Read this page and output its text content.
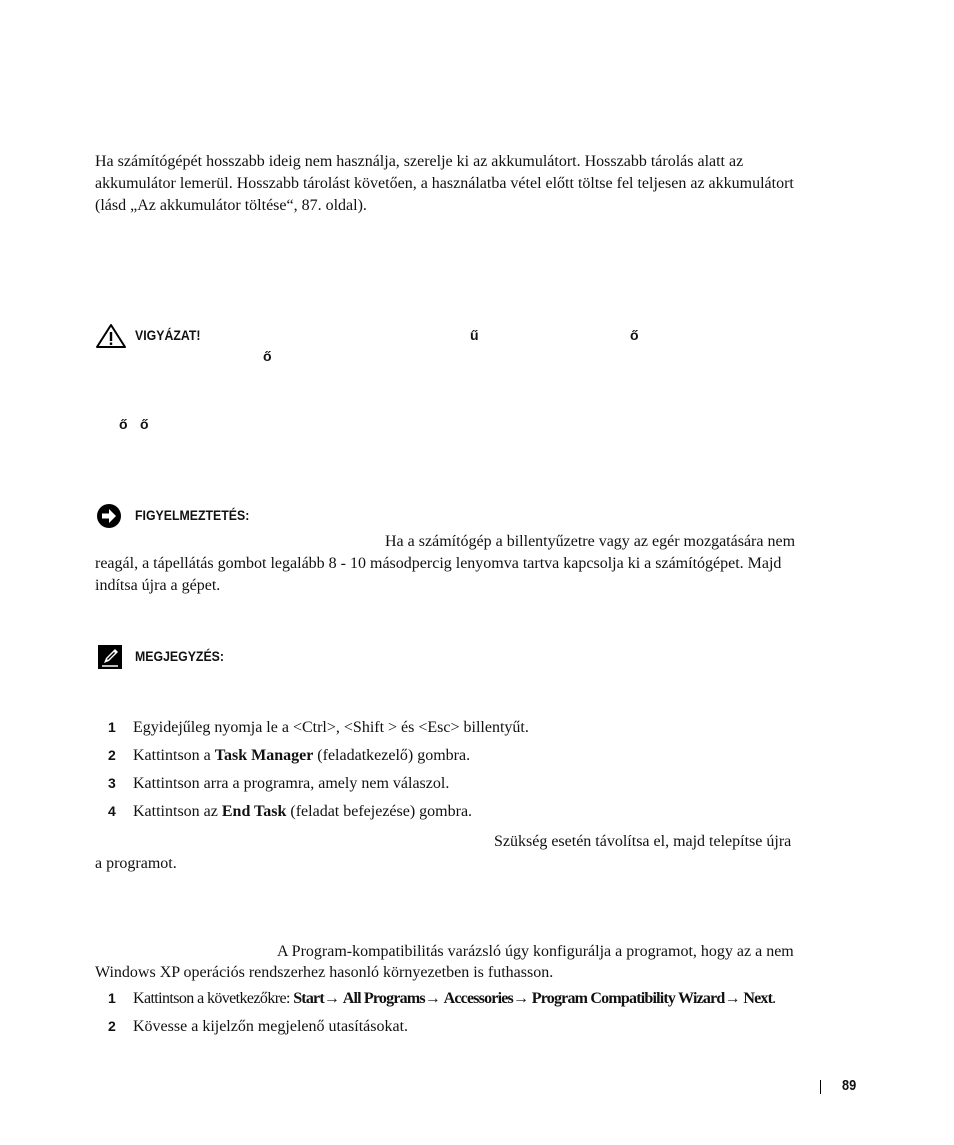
Ha számítógépét hosszabb ideig nem használja, szerelje ki az akkumulátort. Hosszabb tárolás alatt az
akkumulátor lemerül. Hosszabb tárolást követően, a használatba vétel előtt töltse fel teljesen az akkumulátort
(lásd „Az akkumulátor töltése“, 87. oldal).
VIGYÁZAT!	ű	ő
ő
ő ő
FIGYELMEZTETÉS:
Ha a számítógép a billentyűzetre vagy az egér mozgatására nem
reagál, a tápellátás gombot legalább 8 - 10 másodpercig lenyomva tartva kapcsolja ki a számítógépet. Majd
indítsa újra a gépet.
MEGJEGYZÉS:
1	Egyidejűleg nyomja le a <Ctrl>, <Shift > és <Esc> billentyűt.
2	Kattintson a Task Manager (feladatkezelő) gombra.
3	Kattintson arra a programra, amely nem válaszol.
4	Kattintson az End Task (feladat befejezése) gombra.
Szükség esetén távolítsa el, majd telepítse újra
a programot.
A Program-kompatibilitás varázsló úgy konfigurálja a programot, hogy az a nem
Windows XP operációs rendszerhez hasonló környezetben is futhasson.
1	Kattintson a következőkre: Start→ All Programs→ Accessories→ Program Compatibility Wizard→ Next.
2	Kövesse a kijelzőn megjelenő utasításokat.
89
